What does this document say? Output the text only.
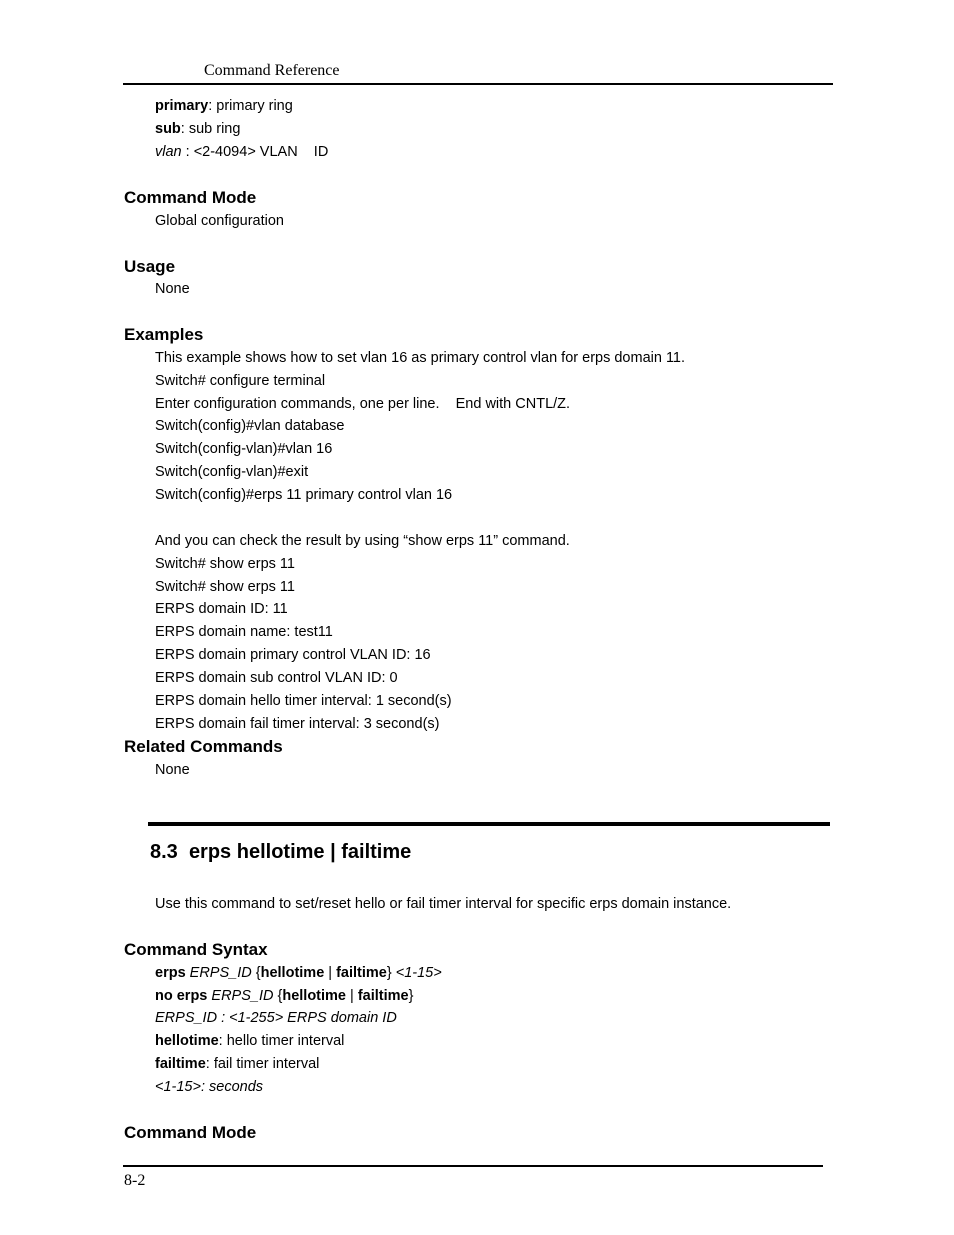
Command Reference
primary: primary ring
sub: sub ring
vlan : <2-4094> VLAN    ID
Command Mode
Global configuration
Usage
None
Examples
This example shows how to set vlan 16 as primary control vlan for erps domain 11.
Switch# configure terminal
Enter configuration commands, one per line.    End with CNTL/Z.
Switch(config)#vlan database
Switch(config-vlan)#vlan 16
Switch(config-vlan)#exit
Switch(config)#erps 11 primary control vlan 16
And you can check the result by using “show erps 11” command.
Switch# show erps 11
Switch# show erps 11
ERPS domain ID: 11
ERPS domain name: test11
ERPS domain primary control VLAN ID: 16
ERPS domain sub control VLAN ID: 0
ERPS domain hello timer interval: 1 second(s)
ERPS domain fail timer interval: 3 second(s)
Related Commands
None
8.3 erps hellotime | failtime
Use this command to set/reset hello or fail timer interval for specific erps domain instance.
Command Syntax
erps ERPS_ID {hellotime | failtime} <1-15>
no erps ERPS_ID {hellotime | failtime}
ERPS_ID : <1-255> ERPS domain ID
hellotime: hello timer interval
failtime: fail timer interval
<1-15>: seconds
Command Mode
8-2
